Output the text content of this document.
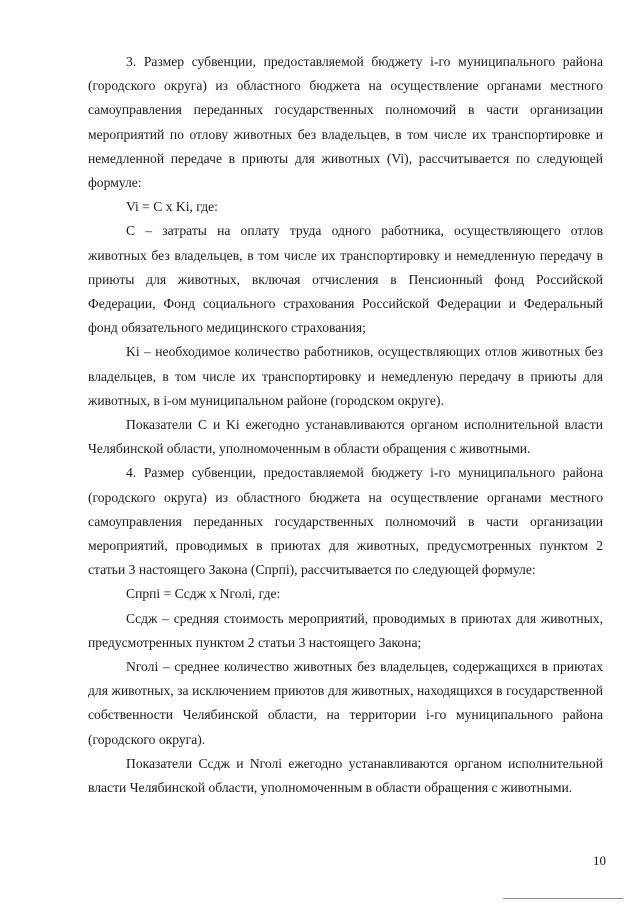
3. Размер субвенции, предоставляемой бюджету i-го муниципального района (городского округа) из областного бюджета на осуществление органами местного самоуправления переданных государственных полномочий в части организации мероприятий по отлову животных без владельцев, в том числе их транспортировке и немедленной передаче в приюты для животных (Vi), рассчитывается по следующей формуле:

Vi = C x Ki, где:

C – затраты на оплату труда одного работника, осуществляющего отлов животных без владельцев, в том числе их транспортировку и немедленную передачу в приюты для животных, включая отчисления в Пенсионный фонд Российской Федерации, Фонд социального страхования Российской Федерации и Федеральный фонд обязательного медицинского страхования;

Ki – необходимое количество работников, осуществляющих отлов животных без владельцев, в том числе их транспортировку и немедленую передачу в приюты для животных, в i-ом муниципальном районе (городском округе).

Показатели C и Ki ежегодно устанавливаются органом исполнительной власти Челябинской области, уполномоченным в области обращения с животными.

4. Размер субвенции, предоставляемой бюджету i-го муниципального района (городского округа) из областного бюджета на осуществление органами местного самоуправления переданных государственных полномочий в части организации мероприятий, проводимых в приютах для животных, предусмотренных пунктом 2 статьи 3 настоящего Закона (Cпрпi), рассчитывается по следующей формуле:

Cпрпi = Cсдж x Nголi, где:

Cсдж – средняя стоимость мероприятий, проводимых в приютах для животных, предусмотренных пунктом 2 статьи 3 настоящего Закона;

Nголi – среднее количество животных без владельцев, содержащихся в приютах для животных, за исключением приютов для животных, находящихся в государственной собственности Челябинской области, на территории i-го муниципального района (городского округа).

Показатели Cсдж и Nголi ежегодно устанавливаются органом исполнительной власти Челябинской области, уполномоченным в области обращения с животными.

10
